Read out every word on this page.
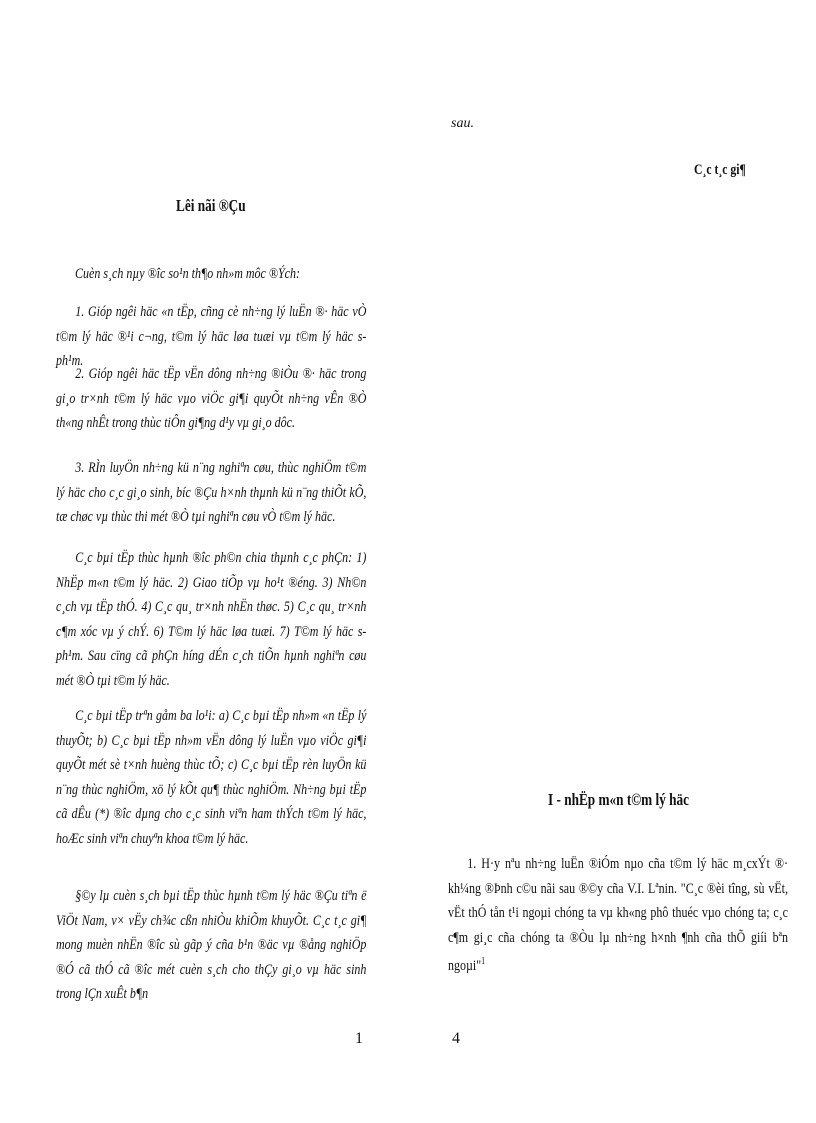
Lêi nãi ®Çu
Cuèn s¸ch nµy ®îc so¹n th¶o nh»m môc ®Ých:
1. Gióp ngêi häc «n tËp, cñng cè nh÷ng lý luËn ®· häc vÒ t©m lý häc ®¹i c¬ng, t©m lý häc løa tuæi vµ t©m lý häc s ph¹m.
2. Gióp ngêi häc tËp vËn dông nh÷ng ®iÒu ®· häc trong gi¸o tr×nh t©m lý häc vµo viÖc gi¶i quyÕt nh÷ng vÊn ®Ò th«ng nhÊt trong thùc tiÔn gi¶ng d¹y vµ gi¸o dôc.
3. RÌn luyÖn nh÷ng kü n¨ng nghiªn cøu, thùc nghiÖm t©m lý häc cho c¸c gi¸o sinh, bíc ®Çu h×nh thµnh kü n¨ng thiÕt kÕ, tæ chøc vµ thùc thi mét ®Ò tµi nghiªn cøu vÒ t©m lý häc.
C¸c bµi tËp thùc hµnh ®îc ph©n chia thµnh c¸c phÇn: 1) NhËp m«n t©m lý häc. 2) Giao tiÕp vµ ho¹t ®éng. 3) Nh©n c¸ch vµ tËp thÓ. 4) C¸c qu¸ tr×nh nhËn thøc. 5) C¸c qu¸ tr×nh c¶m xóc vµ ý chÝ. 6) T©m lý häc løa tuæi. 7) T©m lý häc s ph¹m. Sau cïng cã phÇn híng dÉn c¸ch tiÕn hµnh nghiªn cøu mét ®Ò tµi t©m lý häc.
C¸c bµi tËp trªn gåm ba lo¹i: a) C¸c bµi tËp nh»m «n tËp lý thuyÕt; b) C¸c bµi tËp nh»m vËn dông lý luËn vµo viÖc gi¶i quyÕt mét sè t×nh huèng thùc tÕ; c) C¸c bµi tËp rèn luyÖn kü n¨ng thùc nghiÖm, xö lý kÕt qu¶ thùc nghiÖm. Nh÷ng bµi tËp cã dÊu (*) ®îc dµng cho c¸c sinh viªn ham thÝch t©m lý häc, hoÆc sinh viªn chuyªn khoa t©m lý häc.
§©y lµ cuèn s¸ch bµi tËp thùc hµnh t©m lý häc ®Çu tiªn ë ViÖt Nam, v× vËy ch¾c cßn nhiÒu khiÕm khuyÕt. C¸c t¸c gi¶ mong muèn nhËn ®îc sù gãp ý cña b¹n ®äc vµ ®ång nghiÖp ®Ó cã thÓ cã ®îc mét cuèn s¸ch cho thÇy gi¸o vµ häc sinh trong lÇn xuÊt b¶n
1
sau.
C¸c t¸c gi¶
I - nhËp m«n t©m lý häc
1. H·y nªu nh÷ng luËn ®iÓm nµo cña t©m lý häc m¸cxÝt ®· kh¼ng ®Þnh c©u nãi sau ®©y cña V.I. Lªnin. "C¸c ®èi tîng, sù vËt, vËt thÓ tån t¹i ngoµi chóng ta vµ kh«ng phô thuéc vµo chóng ta; c¸c c¶m gi¸c cña chóng ta ®Òu lµ nh÷ng h×nh ¶nh cña thÕ giíi bªn ngoµi"$^1$
4
